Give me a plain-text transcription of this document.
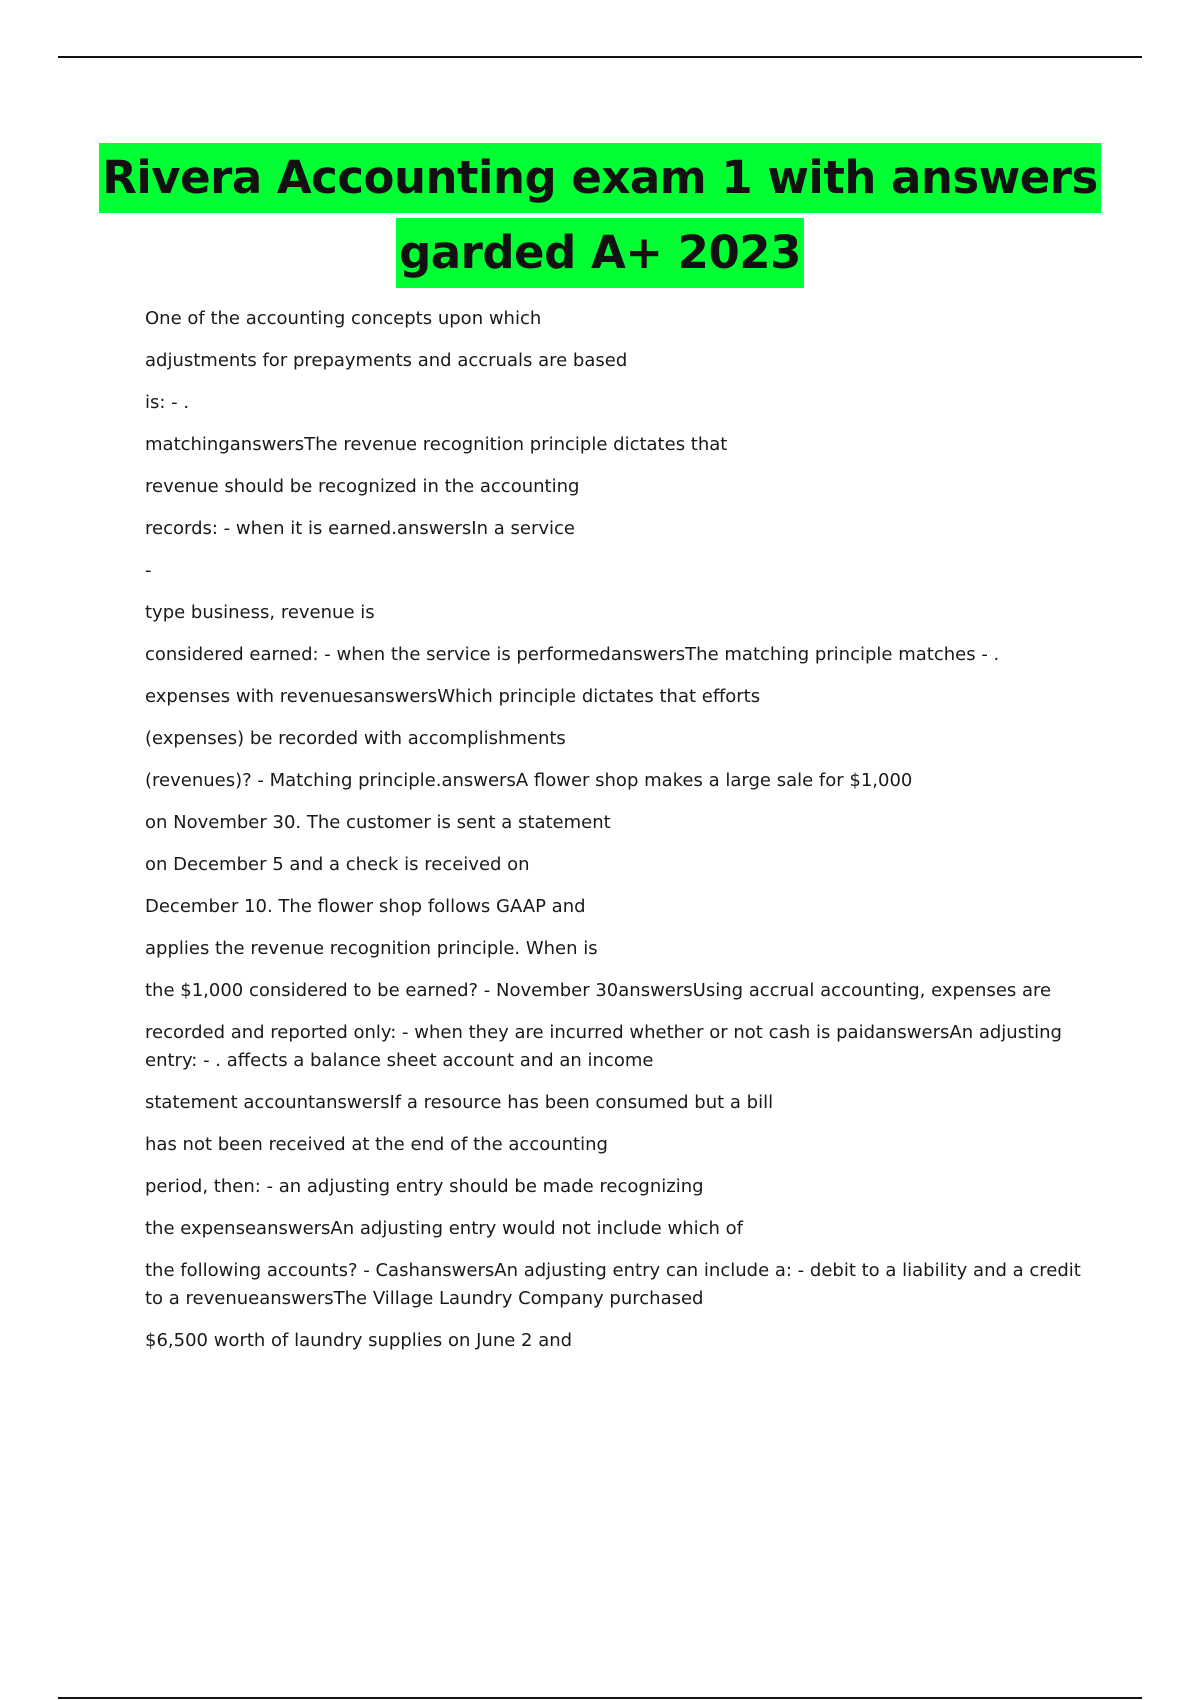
Rivera Accounting exam 1 with answers
garded A+ 2023
One of the accounting concepts upon which
adjustments for prepayments and accruals are based
is: - .
matchinganswersThe revenue recognition principle dictates that
revenue should be recognized in the accounting
records: - when it is earned.answersIn a service
-
type business, revenue is
considered earned: - when the service is performedanswersThe matching principle matches - .
expenses with revenuesanswersWhich principle dictates that efforts
(expenses) be recorded with accomplishments
(revenues)? - Matching principle.answersA flower shop makes a large sale for $1,000
on November 30. The customer is sent a statement
on December 5 and a check is received on
December 10. The flower shop follows GAAP and
applies the revenue recognition principle. When is
the $1,000 considered to be earned? - November 30answersUsing accrual accounting, expenses are
recorded and reported only: - when they are incurred whether or not cash is paidanswersAn adjusting
entry: - . affects a balance sheet account and an income
statement accountanswersIf a resource has been consumed but a bill
has not been received at the end of the accounting
period, then: - an adjusting entry should be made recognizing
the expenseanswersAn adjusting entry would not include which of
the following accounts? - CashanswersAn adjusting entry can include a: - debit to a liability and a credit
to a revenueanswersThe Village Laundry Company purchased
$6,500 worth of laundry supplies on June 2 and
